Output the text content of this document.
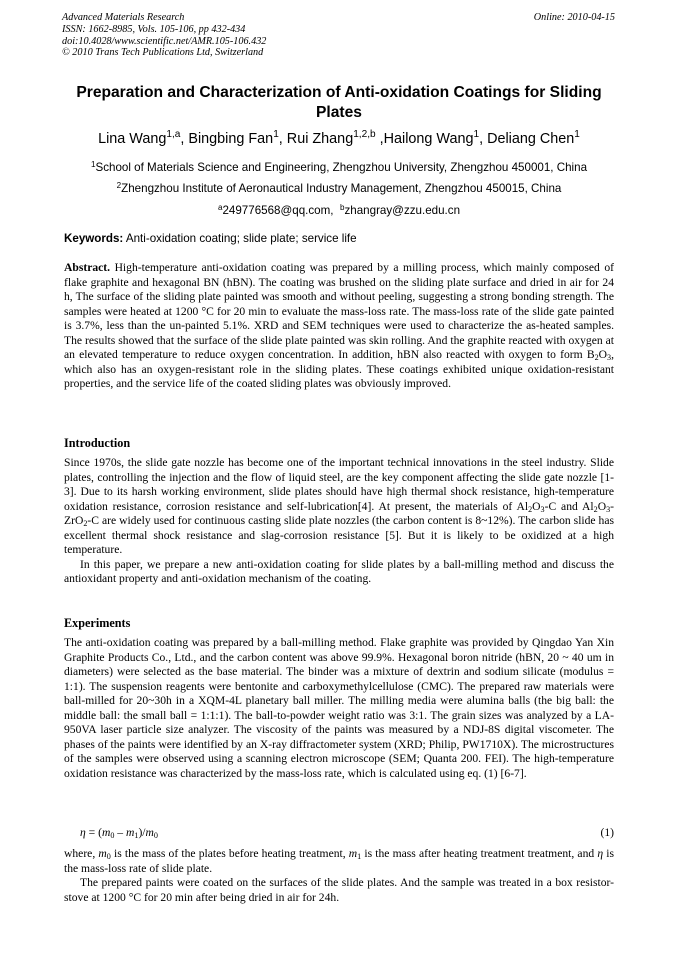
Advanced Materials Research
ISSN: 1662-8985, Vols. 105-106, pp 432-434
doi:10.4028/www.scientific.net/AMR.105-106.432
© 2010 Trans Tech Publications Ltd, Switzerland
Online: 2010-04-15
Preparation and Characterization of Anti-oxidation Coatings for Sliding Plates
Lina Wang$^{1,a}$, Bingbing Fan$^1$, Rui Zhang$^{1,2,b}$ ,Hailong Wang$^1$, Deliang Chen$^1$
$^1$School of Materials Science and Engineering, Zhengzhou University, Zhengzhou 450001, China
$^2$Zhengzhou Institute of Aeronautical Industry Management, Zhengzhou 450015, China
$^a$249776568@qq.com, $^b$zhangray@zzu.edu.cn
Keywords: Anti-oxidation coating; slide plate; service life
Abstract. High-temperature anti-oxidation coating was prepared by a milling process, which mainly composed of flake graphite and hexagonal BN (hBN). The coating was brushed on the sliding plate surface and dried in air for 24 h, The surface of the sliding plate painted was smooth and without peeling, suggesting a strong bonding strength. The samples were heated at 1200 °C for 20 min to evaluate the mass-loss rate. The mass-loss rate of the slide gate painted is 3.7%, less than the un-painted 5.1%. XRD and SEM techniques were used to characterize the as-heated samples. The results showed that the surface of the slide plate painted was skin rolling. And the graphite reacted with oxygen at an elevated temperature to reduce oxygen concentration. In addition, hBN also reacted with oxygen to form $B_2O_3$, which also has an oxygen-resistant role in the sliding plates. These coatings exhibited unique oxidation-resistant properties, and the service life of the coated sliding plates was obviously improved.
Introduction
Since 1970s, the slide gate nozzle has become one of the important technical innovations in the steel industry. Slide plates, controlling the injection and the flow of liquid steel, are the key component affecting the slide gate nozzle [1-3]. Due to its harsh working environment, slide plates should have high thermal shock resistance, high-temperature oxidation resistance, corrosion resistance and self-lubrication[4]. At present, the materials of $Al_2O_3-C$ and $Al_2O_3-ZrO_2-C$ are widely used for continuous casting slide plate nozzles (the carbon content is 8~12%). The carbon slide has excellent thermal shock resistance and slag-corrosion resistance [5]. But it is likely to be oxidized at a high temperature.
In this paper, we prepare a new anti-oxidation coating for slide plates by a ball-milling method and discuss the antioxidant property and anti-oxidation mechanism of the coating.
Experiments
The anti-oxidation coating was prepared by a ball-milling method. Flake graphite was provided by Qingdao Yan Xin Graphite Products Co., Ltd., and the carbon content was above 99.9%. Hexagonal boron nitride (hBN, 20 ~ 40 um in diameters) were selected as the base material. The binder was a mixture of dextrin and sodium silicate (modulus = 1:1). The suspension reagents were bentonite and carboxymethylcellulose (CMC). The prepared raw materials were ball-milled for 20~30h in a XQM-4L planetary ball miller. The milling media were alumina balls (the big ball: the middle ball: the small ball = 1:1:1). The ball-to-powder weight ratio was 3:1. The grain sizes was analyzed by a LA-950VA laser particle size analyzer. The viscosity of the paints was measured by a NDJ-8S digital viscometer. The phases of the paints were identified by an X-ray diffractometer system (XRD; Philip, PW1710X). The microstructures of the samples were observed using a scanning electron microscope (SEM; Quanta 200. FEI). The high-temperature oxidation resistance was characterized by the mass-loss rate, which is calculated using eq. (1) [6-7].
$\eta = (m_0 - m_1)/m_0$	(1)
where, $m_0$ is the mass of the plates before heating treatment, $m_1$ is the mass after heating treatment treatment, and η is the mass-loss rate of slide plate.
The prepared paints were coated on the surfaces of the slide plates. And the sample was treated in a box resistor-stove at 1200 °C for 20 min after being dried in air for 24h.
